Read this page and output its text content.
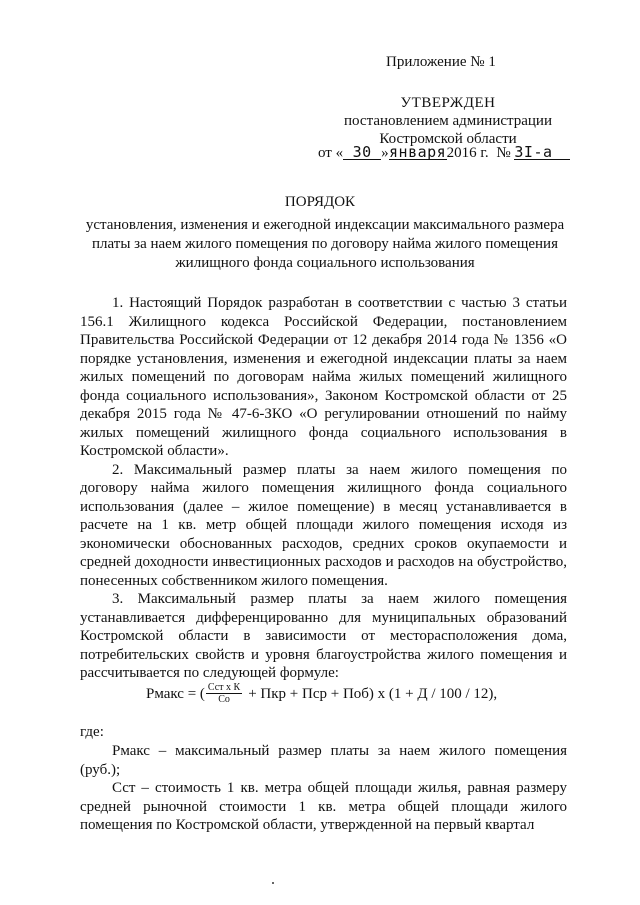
Приложение № 1
УТВЕРЖДЕН
постановлением администрации
Костромской области
от « 30 »января2016 г. № 3I-а
ПОРЯДОК
установления, изменения и ежегодной индексации максимального размера платы за наем жилого помещения по договору найма жилого помещения жилищного фонда социального использования

1. Настоящий Порядок разработан в соответствии с частью 3 статьи 156.1 Жилищного кодекса Российской Федерации, постановлением Правительства Российской Федерации от 12 декабря 2014 года № 1356 «О порядке установления, изменения и ежегодной индексации платы за наем жилых помещений по договорам найма жилых помещений жилищного фонда социального использования», Законом Костромской области от 25 декабря 2015 года № 47-6-ЗКО «О регулировании отношений по найму жилых помещений жилищного фонда социального использования в Костромской области».

2. Максимальный размер платы за наем жилого помещения по договору найма жилого помещения жилищного фонда социального использования (далее – жилое помещение) в месяц устанавливается в расчете на 1 кв. метр общей площади жилого помещения исходя из экономически обоснованных расходов, средних сроков окупаемости и средней доходности инвестиционных расходов и расходов на обустройство, понесенных собственником жилого помещения.

3. Максимальный размер платы за наем жилого помещения устанавливается дифференцированно для муниципальных образований Костромской области в зависимости от месторасположения дома, потребительских свойств и уровня благоустройства жилого помещения и рассчитывается по следующей формуле:

Рмакс = ( $\frac{\text{Сст х К}}{Со}$ + Пкр + Пср + Поб) х (1 + Д / 100 / 12),
где:

Рмакс – максимальный размер платы за наем жилого помещения (руб.);

Сст – стоимость 1 кв. метра общей площади жилья, равная размеру средней рыночной стоимости 1 кв. метра общей площади жилого помещения по Костромской области, утвержденной на первый квартал
